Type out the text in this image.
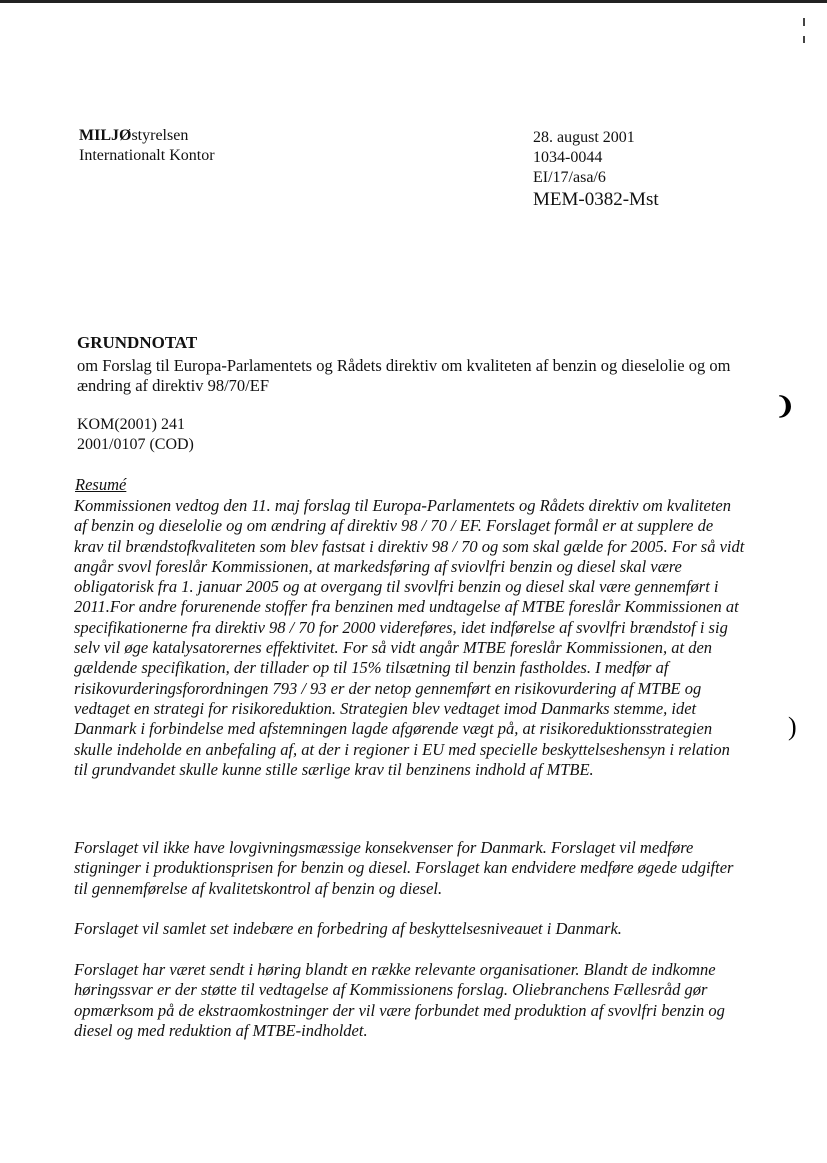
MILJØstyrelsen
Internationalt Kontor
28. august 2001
1034-0044
EI/17/asa/6
MEM-0382-Mst
GRUNDNOTAT
om Forslag til Europa-Parlamentets og Rådets direktiv om kvaliteten af benzin og dieselolie og om ændring af direktiv 98/70/EF
KOM(2001) 241
2001/0107 (COD)
Resumé
Kommissionen vedtog den 11. maj forslag til Europa-Parlamentets og Rådets direktiv om kvaliteten af benzin og dieselolie og om ændring af direktiv 98 / 70 / EF. Forslaget formål er at supplere de krav til brændstofkvaliteten som blev fastsat i direktiv 98 / 70 og som skal gælde for 2005. For så vidt angår svovl foreslår Kommissionen, at markedsføring af sviovlfri benzin og diesel skal være obligatorisk fra 1. januar 2005 og at overgang til svovlfri benzin og diesel skal være gennemført i 2011.For andre forurenende stoffer fra benzinen med undtagelse af MTBE foreslår Kommissionen at specifikationerne fra direktiv 98 / 70 for 2000 videreføres, idet indførelse af svovlfri brændstof i sig selv vil øge katalysatorernes effektivitet. For så vidt angår MTBE foreslår Kommissionen, at den gældende specifikation, der tillader op til 15% tilsætning til benzin fastholdes. I medfør af risikovurderingsforordningen 793 / 93 er der netop gennemført en risikovurdering af MTBE og vedtaget en strategi for risikoreduktion. Strategien blev vedtaget imod Danmarks stemme, idet Danmark i forbindelse med afstemningen lagde afgørende vægt på, at risikoreduktionsstrategien skulle indeholde en anbefaling af, at der i regioner i EU med specielle beskyttelseshensyn i relation til grundvandet skulle kunne stille særlige krav til benzinens indhold af MTBE.
Forslaget vil ikke have lovgivningsmæssige konsekvenser for Danmark. Forslaget vil medføre stigninger i produktionsprisen for benzin og diesel. Forslaget kan endvidere medføre øgede udgifter til gennemførelse af kvalitetskontrol af benzin og diesel.
Forslaget vil samlet set indebære en forbedring af beskyttelsesniveauet i Danmark.
Forslaget har været sendt i høring blandt en række relevante organisationer. Blandt de indkomne høringssvar er der støtte til vedtagelse af Kommissionens forslag. Oliebranchens Fællesråd gør opmærksom på de ekstraomkostninger der vil være forbundet med produktion af svovlfri benzin og diesel og med reduktion af MTBE-indholdet.
❩
)
